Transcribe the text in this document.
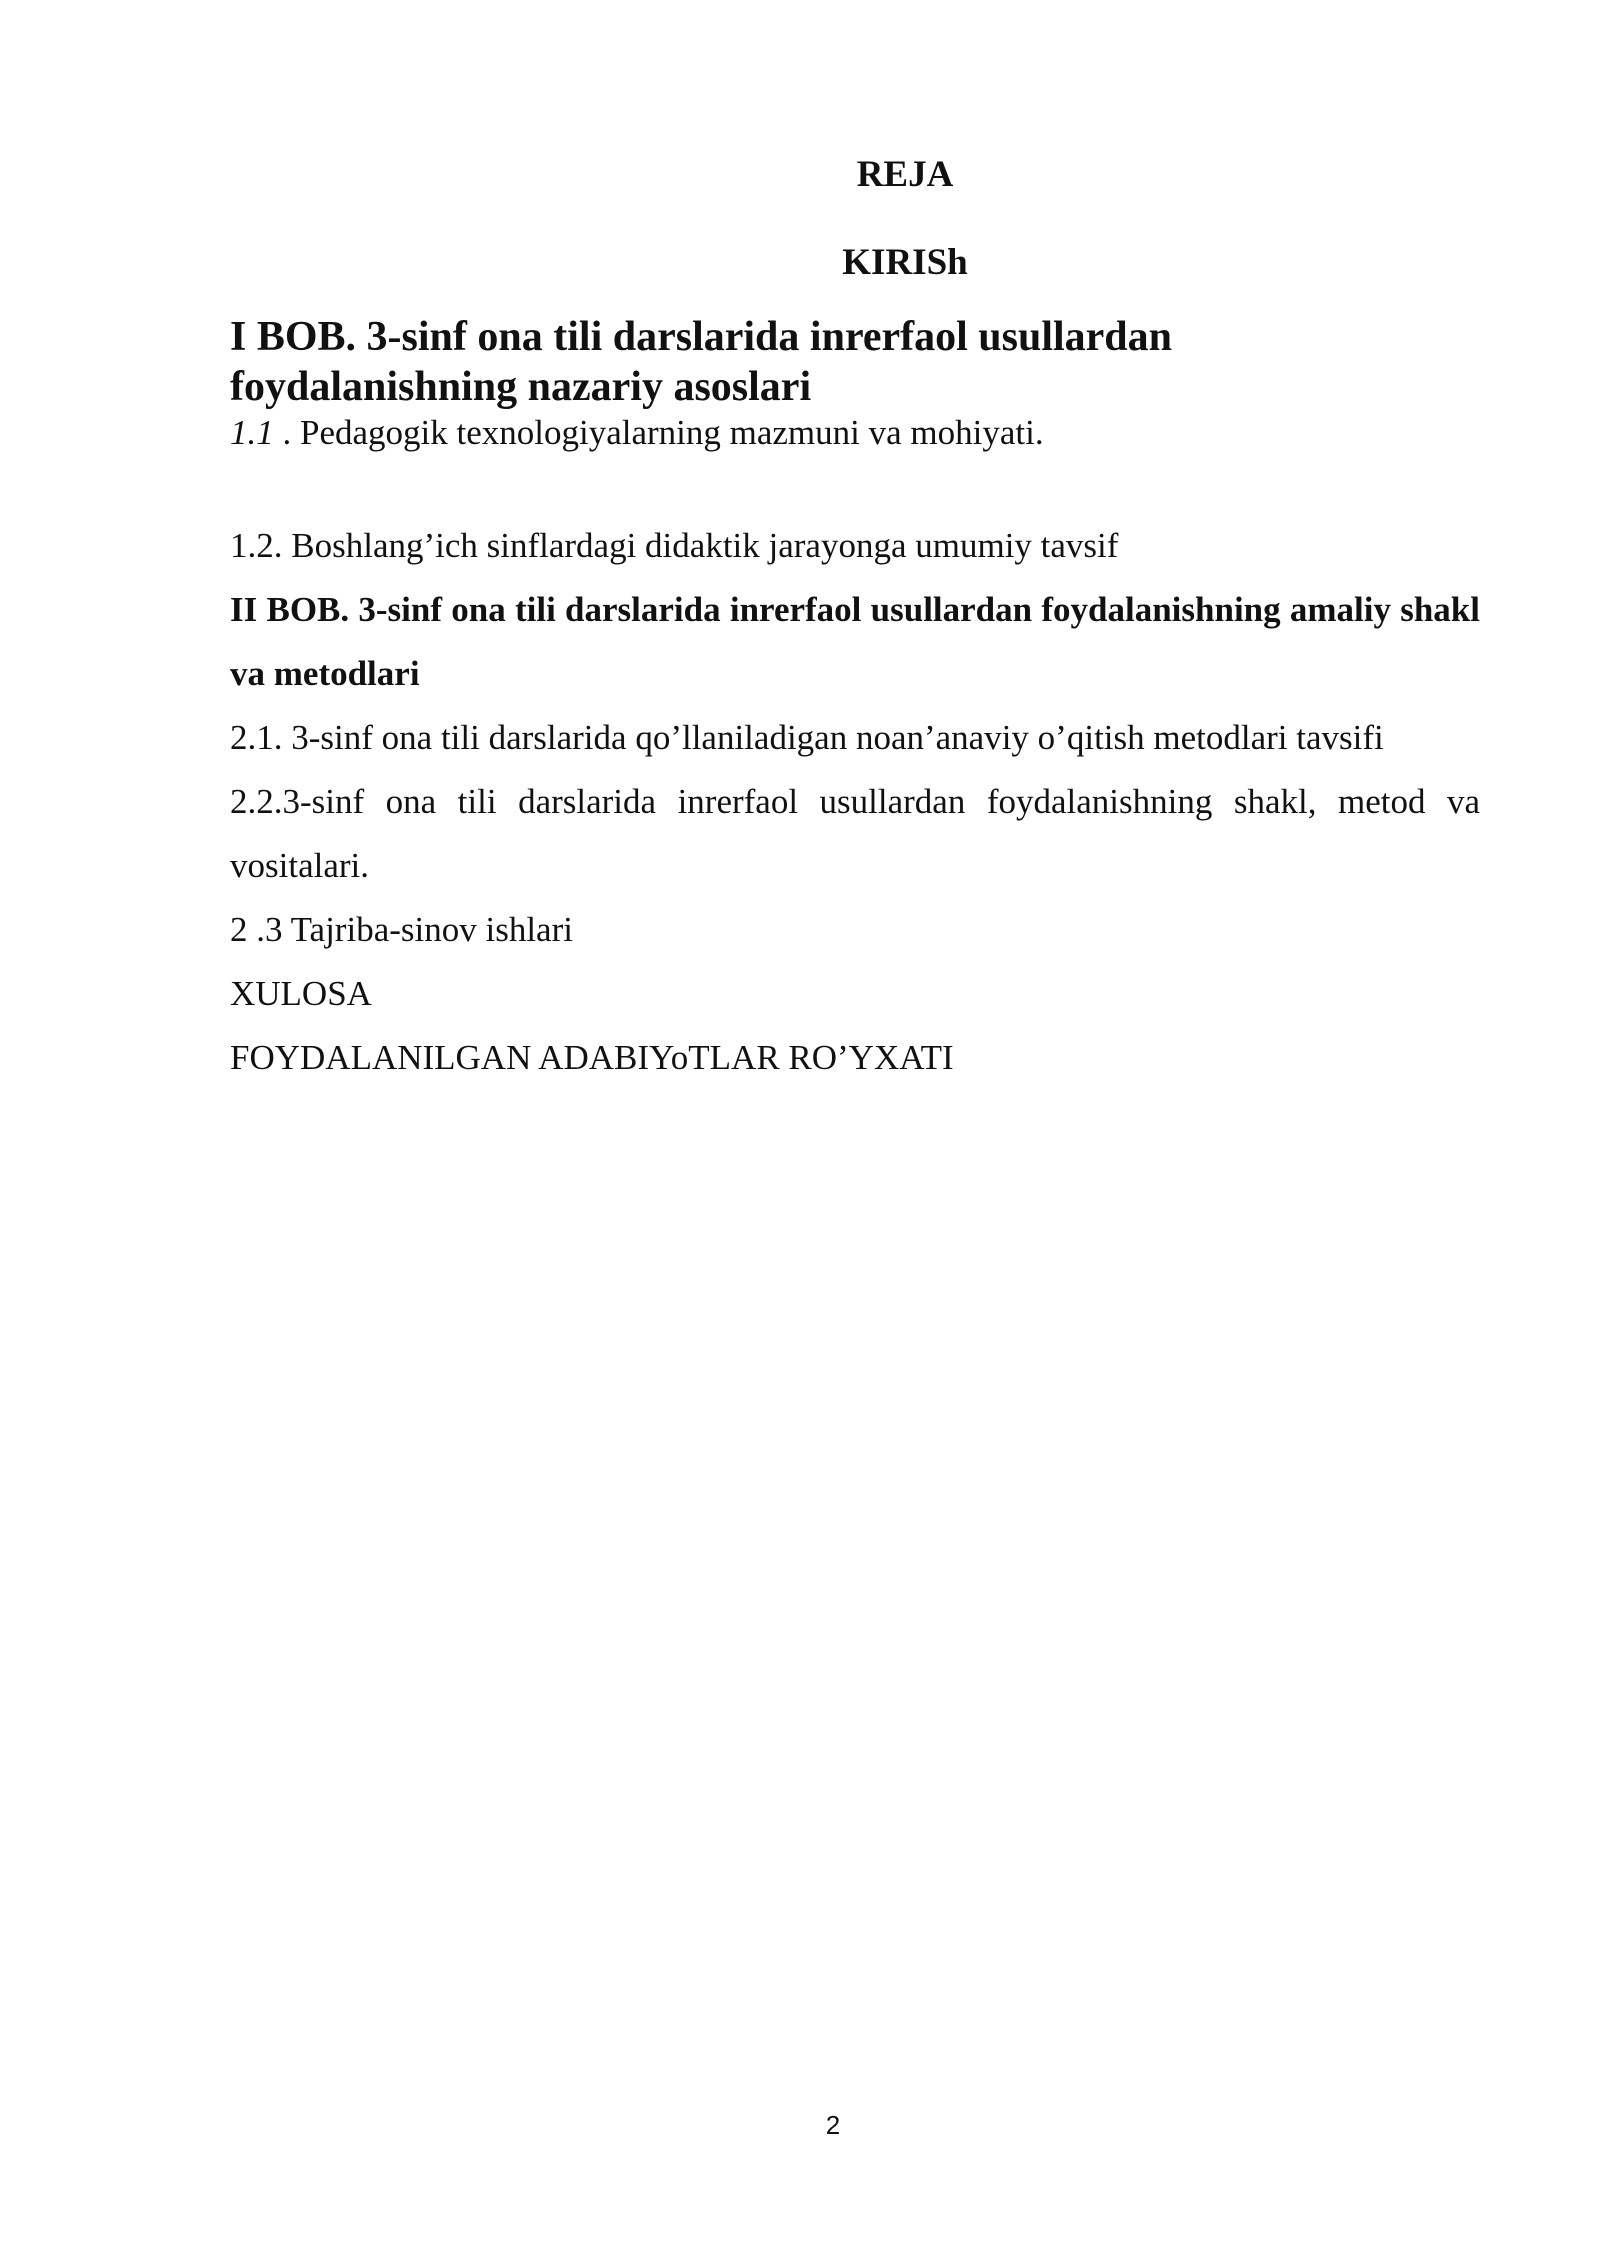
REJA

KIRISh

I BOB. 3-sinf ona tili darslarida inrerfaol usullardan foydalanishning nazariy asoslari

1.1 . Pedagogik texnologiyalarning mazmuni va mohiyati.

1.2. Boshlang’ich sinflardagi didaktik jarayonga umumiy tavsif

II BOB. 3-sinf ona tili darslarida inrerfaol usullardan foydalanishning amaliy shakl va metodlari

2.1. 3-sinf ona tili darslarida qo’llaniladigan noan’anaviy o’qitish metodlari tavsifi

2.2.3-sinf ona tili darslarida inrerfaol usullardan foydalanishning shakl, metod va vositalari.

2 .3 Tajriba-sinov ishlari

XULOSA

FOYDALANILGAN ADABIYoTLAR RO’YXATI

2
